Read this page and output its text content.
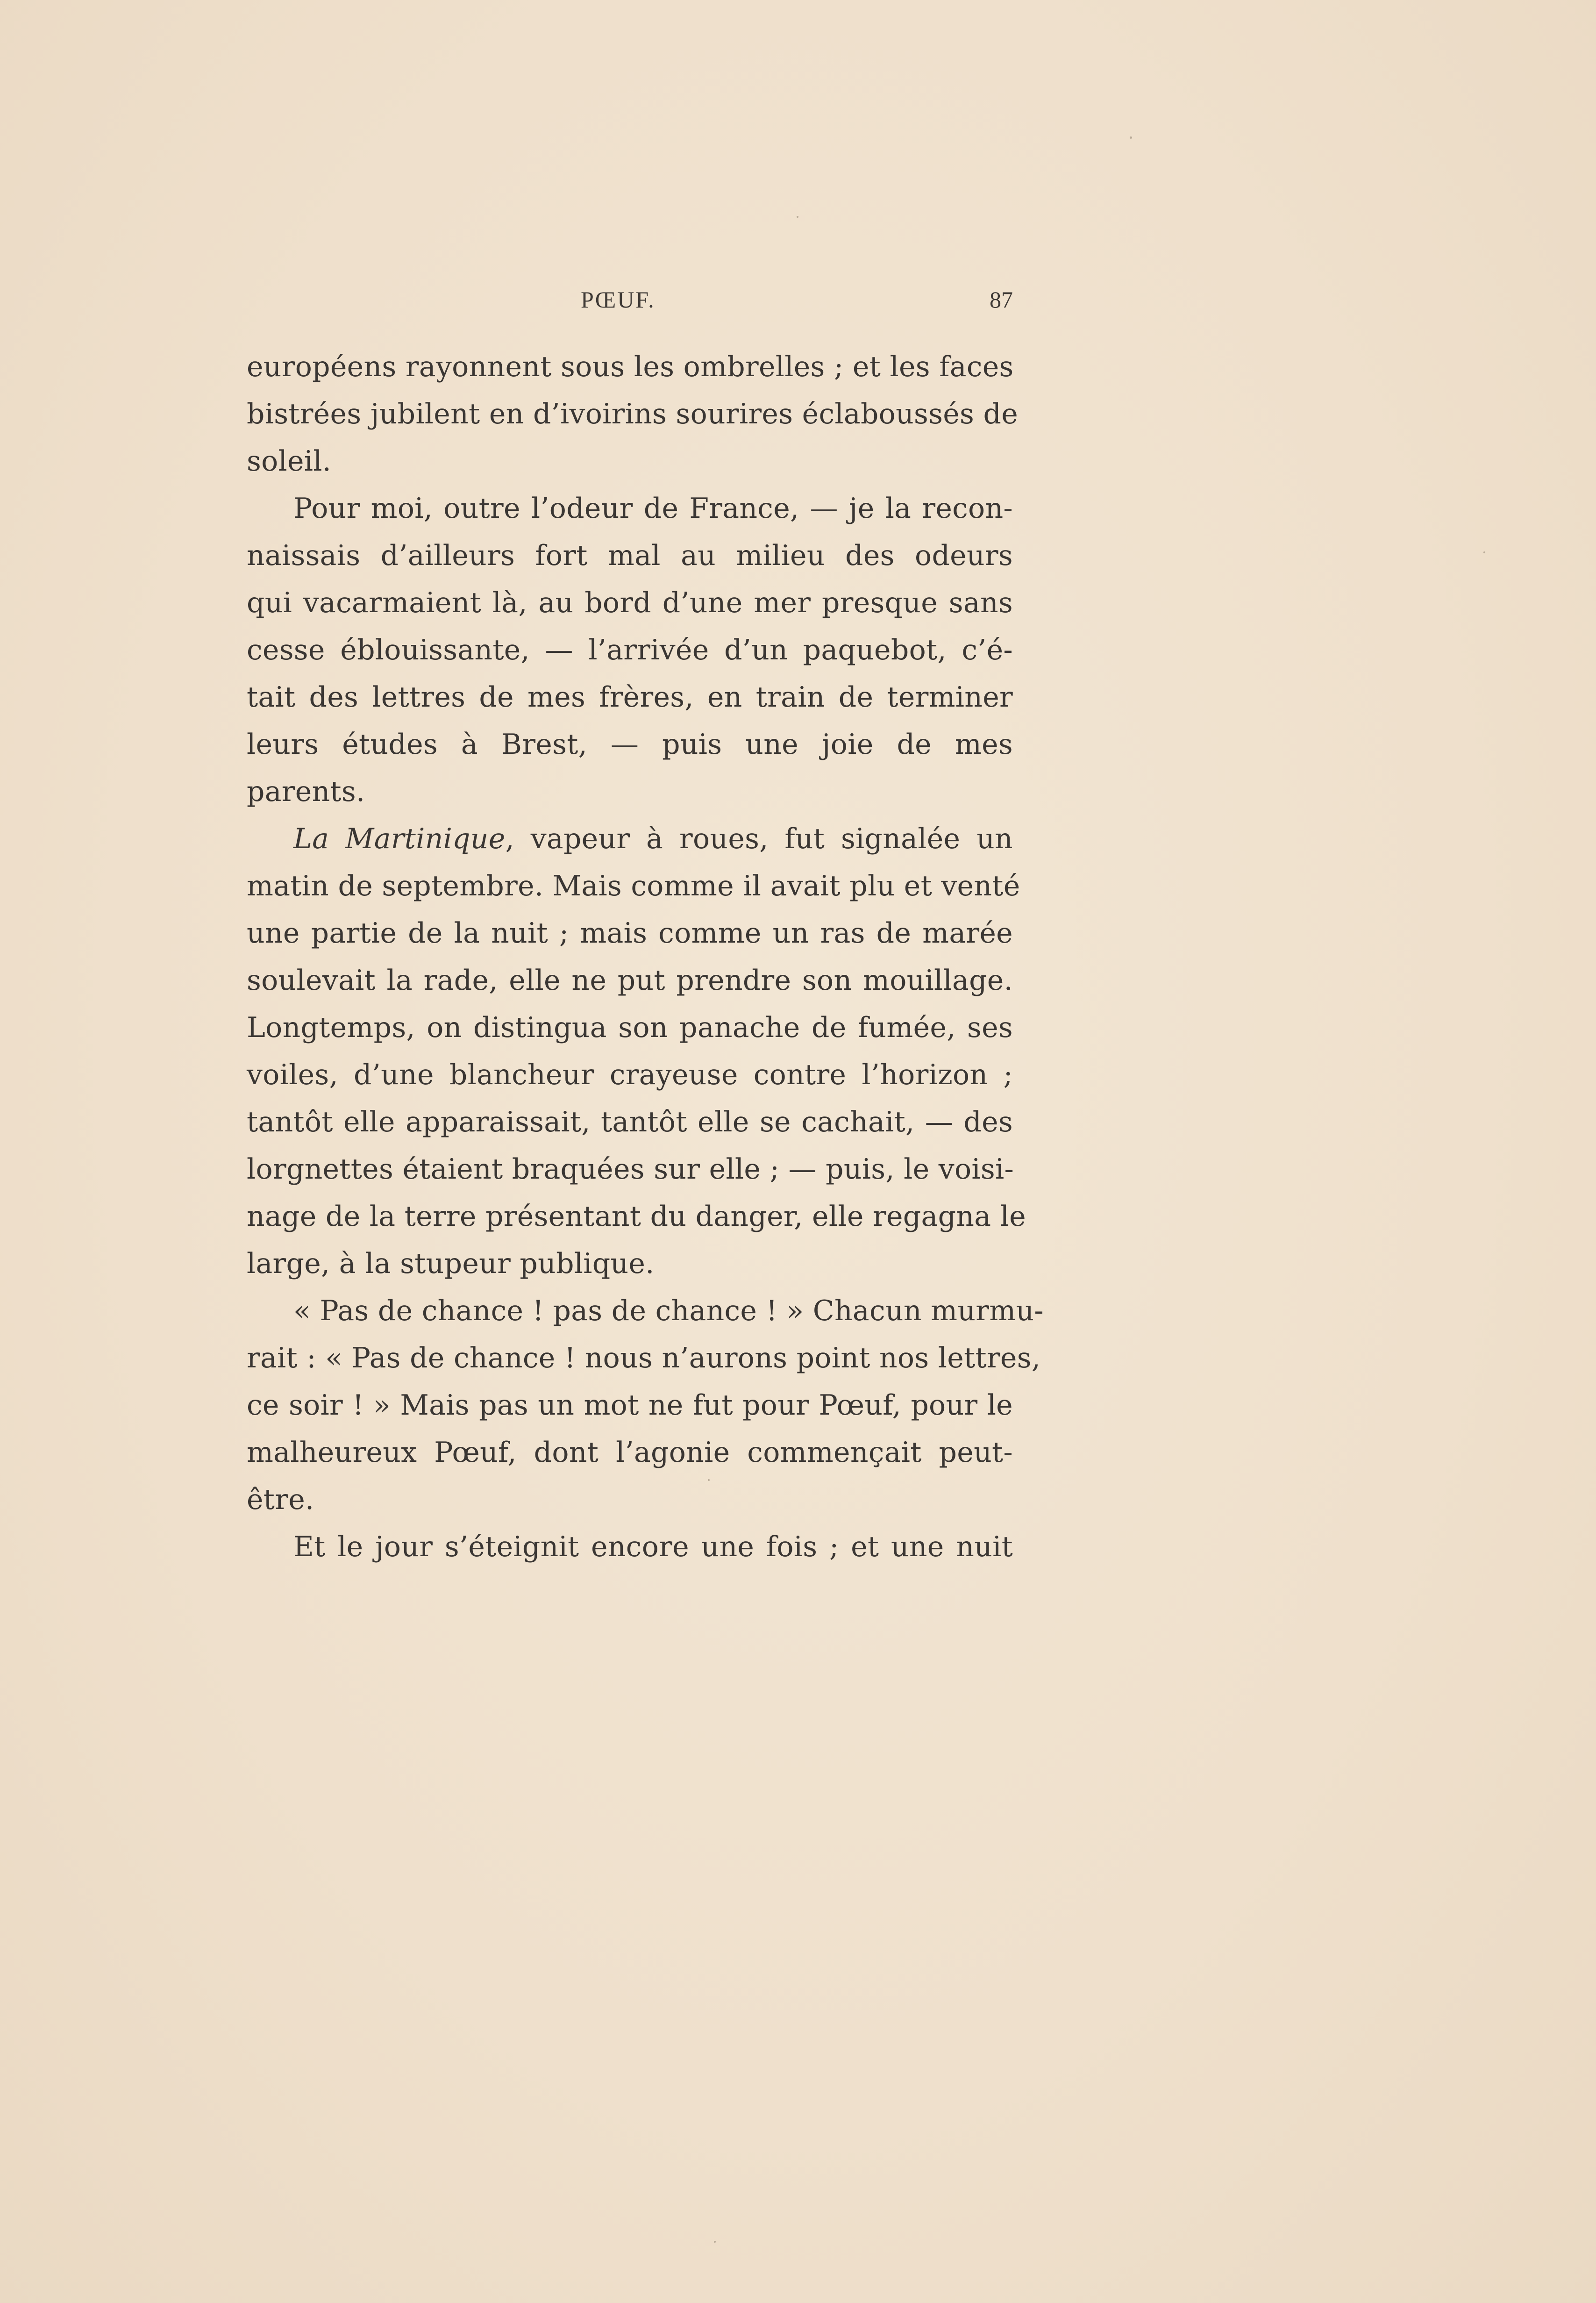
PŒUF.	87
européens rayonnent sous les ombrelles ; et les faces
bistrées jubilent en d’ivoirins sourires éclaboussés de
soleil.
Pour moi, outre l’odeur de France, — je la recon-
naissais d’ailleurs fort mal au milieu des odeurs
qui vacarmaient là, au bord d’une mer presque sans
cesse éblouissante, — l’arrivée d’un paquebot, c’é-
tait des lettres de mes frères, en train de terminer
leurs études à Brest, — puis une joie de mes
parents.
La Martinique, vapeur à roues, fut signalée un
matin de septembre. Mais comme il avait plu et venté
une partie de la nuit ; mais comme un ras de marée
soulevait la rade, elle ne put prendre son mouillage.
Longtemps, on distingua son panache de fumée, ses
voiles, d’une blancheur crayeuse contre l’horizon ;
tantôt elle apparaissait, tantôt elle se cachait, — des
lorgnettes étaient braquées sur elle ; — puis, le voisi-
nage de la terre présentant du danger, elle regagna le
large, à la stupeur publique.
« Pas de chance ! pas de chance ! » Chacun murmu-
rait : « Pas de chance ! nous n’aurons point nos lettres,
ce soir ! » Mais pas un mot ne fut pour Pœuf, pour le
malheureux Pœuf, dont l’agonie commençait peut-
être.
Et le jour s’éteignit encore une fois ; et une nuit
